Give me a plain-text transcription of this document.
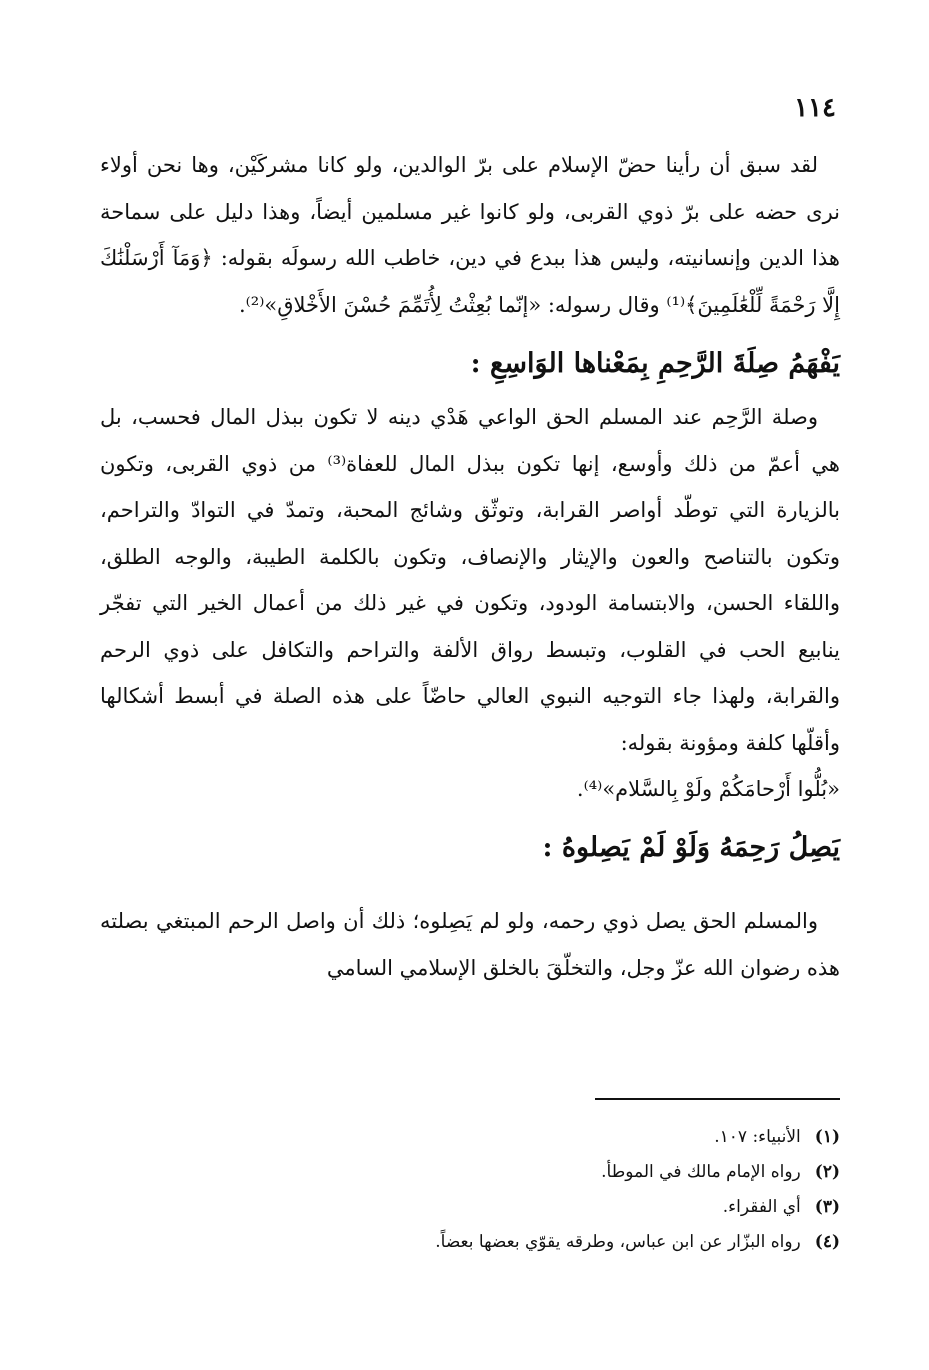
١١٤

لقد سبق أن رأينا حضّ الإسلام على برّ الوالدين، ولو كانا مشركَيْن، وها نحن أولاء نرى حضه على برّ ذوي القربى، ولو كانوا غير مسلمين أيضاً، وهذا دليل على سماحة هذا الدين وإنسانيته، وليس هذا ببدع في دين، خاطب الله رسولَه بقوله: ﴿وَمَآ أَرْسَلْنَٰكَ إِلَّا رَحْمَةً لِّلْعَٰلَمِينَ﴾⁽¹⁾ وقال رسوله: «إنّما بُعِثْتُ لِأُتَمِّمَ حُسْنَ الأَخْلاقِ»⁽²⁾.

يَفْهَمُ صِلَةَ الرَّحِمِ بِمَعْناها الوَاسِعِ :

وصلة الرَّحِم عند المسلم الحق الواعي هَدْي دينه لا تكون ببذل المال فحسب، بل هي أعمّ من ذلك وأوسع، إنها تكون ببذل المال للعفاة⁽³⁾ من ذوي القربى، وتكون بالزيارة التي توطّد أواصر القرابة، وتوثّق وشائج المحبة، وتمدّ في التوادّ والتراحم، وتكون بالتناصح والعون والإيثار والإنصاف، وتكون بالكلمة الطيبة، والوجه الطلق، واللقاء الحسن، والابتسامة الودود، وتكون في غير ذلك من أعمال الخير التي تفجّر ينابيع الحب في القلوب، وتبسط رواق الألفة والتراحم والتكافل على ذوي الرحم والقرابة، ولهذا جاء التوجيه النبوي العالي حاضّاً على هذه الصلة في أبسط أشكالها وأقلّها كلفة ومؤونة بقوله:

«بُلُّوا أَرْحامَكُمْ ولَوْ بِالسَّلام»⁽⁴⁾.
يَصِلُ رَحِمَهُ وَلَوْ لَمْ يَصِلوهُ :

والمسلم الحق يصل ذوي رحمه، ولو لم يَصِلوه؛ ذلك أن واصل الرحم المبتغي بصلته هذه رضوان الله عزّ وجل، والتخلّقَ بالخلق الإسلامي السامي

(١)الأنبياء: ١٠٧.
(٢)رواه الإمام مالك في الموطأ.
(٣)أي الفقراء.
(٤)رواه البزّار عن ابن عباس، وطرقه يقوّي بعضها بعضاً.
